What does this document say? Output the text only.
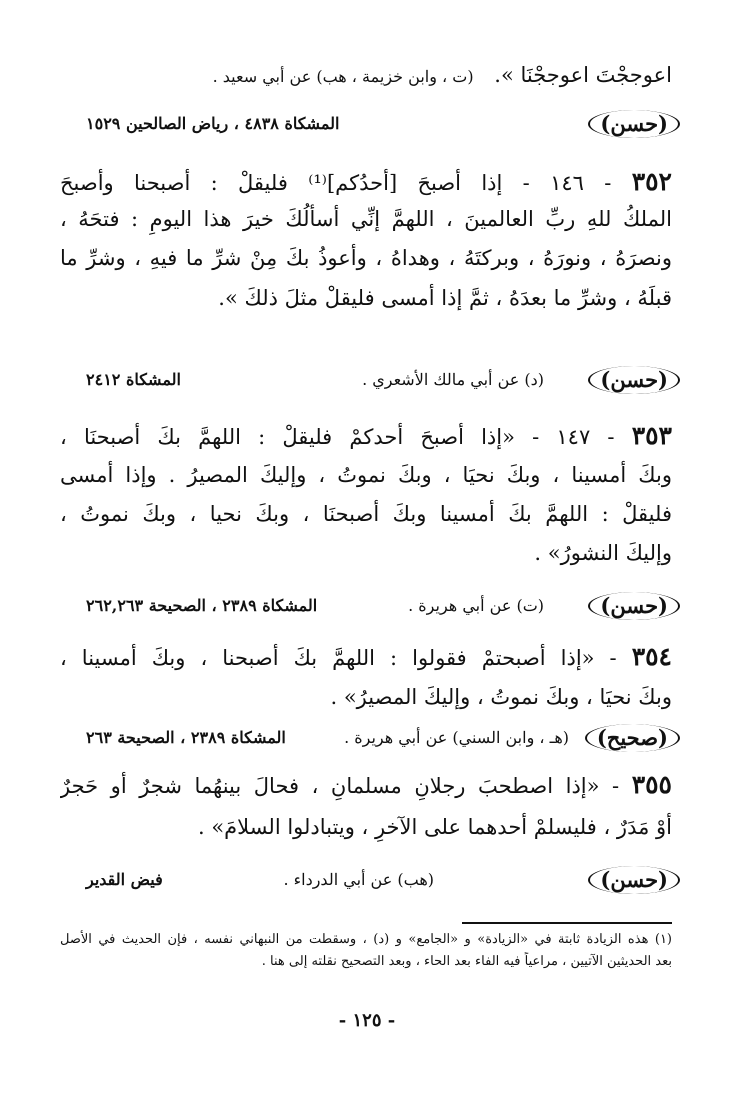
اعوججْتَ اعوججْنَا ». (ت ، وابن خزيمة ، هب) عن أبي سعيد .
(حسن)
المشكاة ٤٨٣٨ ، رياض الصالحين ١٥٢٩
٣٥٢ - ١٤٦ - إذا أصبحَ [أحدُكم]⁽¹⁾ فليقلْ : أصبحنا وأصبحَ
الملكُ للهِ ربِّ العالمينَ ، اللهمَّ إنِّي أسألُكَ خيرَ هذا اليومِ : فتحَهُ ،
ونصرَهُ ، ونورَهُ ، وبركتَهُ ، وهداهُ ، وأعوذُ بكَ مِنْ شرِّ ما فيهِ ، وشرِّ ما
قبلَهُ ، وشرِّ ما بعدَهُ ، ثمَّ إذا أمسى فليقلْ مثلَ ذلكَ ».
(حسن)
(د) عن أبي مالك الأشعري .
المشكاة ٢٤١٢
٣٥٣ - ١٤٧ - «إذا أصبحَ أحدكمْ فليقلْ : اللهمَّ بكَ أصبحنَا ،
وبكَ أمسينا ، وبكَ نحيَا ، وبكَ نموتُ ، وإليكَ المصيرُ . وإذا أمسى
فليقلْ : اللهمَّ بكَ أمسينا وبكَ أصبحنَا ، وبكَ نحيا ، وبكَ نموتُ ،
وإليكَ النشورُ» .
(حسن)
(ت) عن أبي هريرة .
المشكاة ٢٣٨٩ ، الصحيحة ٢٦٢,٢٦٣
٣٥٤ - «إذا أصبحتمْ فقولوا : اللهمَّ بكَ أصبحنا ، وبكَ أمسينا ،
وبكَ نحيَا ، وبكَ نموتُ ، وإليكَ المصيرُ» .
(صحيح)
(هـ ، وابن السني) عن أبي هريرة .
المشكاة ٢٣٨٩ ، الصحيحة ٢٦٣
٣٥٥ - «إذا اصطحبَ رجلانِ مسلمانِ ، فحالَ بينهُما شجرٌ أو حَجرٌ
أوْ مَدَرٌ ، فليسلمْ أحدهما على الآخرِ ، ويتبادلوا السلامَ» .
(حسن)
(هب) عن أبي الدرداء .
فيض القدير
(١) هذه الزيادة ثابتة في «الزيادة» و «الجامع» و (د) ، وسقطت من النبهاني نفسه ، فإن الحديث في الأصل
بعد الحديثين الآتيين ، مراعياً فيه الفاء بعد الحاء ، وبعد التصحيح نقلته إلى هنا .
- ١٢٥ -
